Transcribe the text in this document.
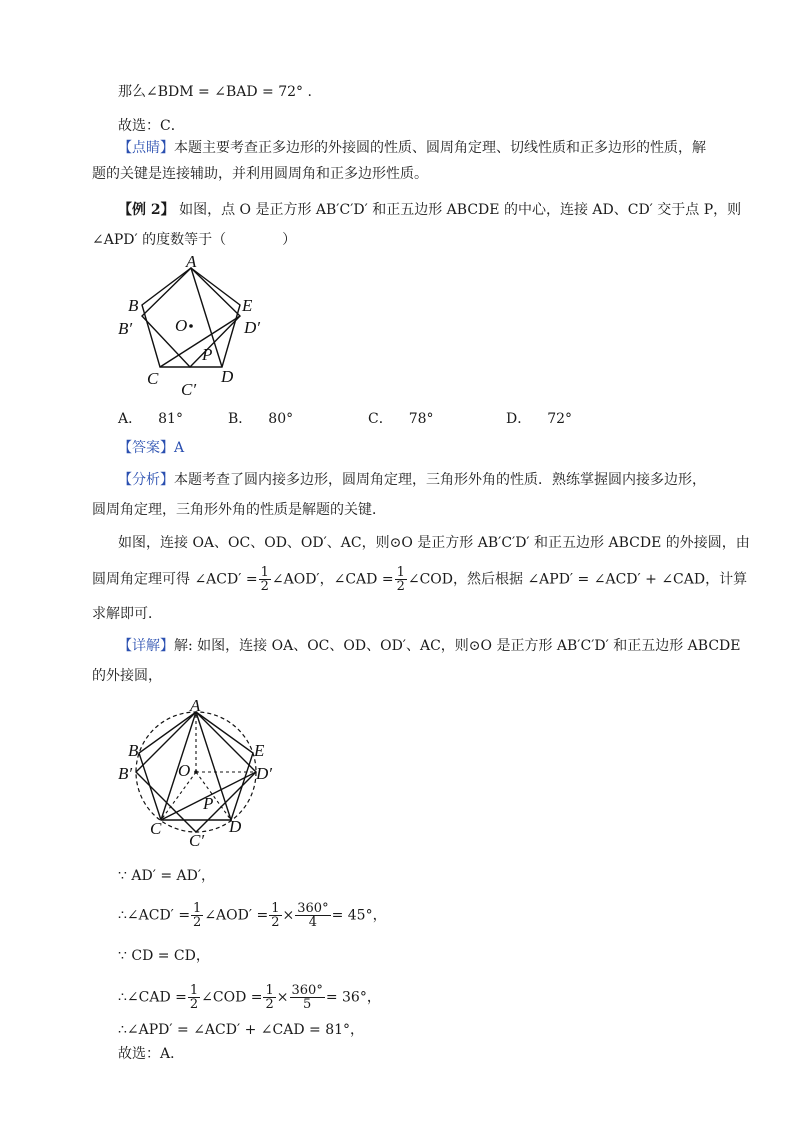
那么∠BDM = ∠BAD = 72° .
故选：C．
【点睛】本题主要考查正多边形的外接圆的性质、圆周角定理、切线性质和正多边形的性质，解
题的关键是连接辅助，并利用圆周角和正多边形性质。
【例 2】 如图，点 O 是正方形 AB′C′D′ 和正五边形 ABCDE 的中心，连接 AD、CD′ 交于点 P，则
∠APD′ 的度数等于（　　　　）
A
B
B′	O
E
D′
P
C
C′
D
A． 81°	B． 80°	C． 78°	D． 72°
【答案】A
【分析】本题考查了圆内接多边形，圆周角定理，三角形外角的性质．熟练掌握圆内接多边形，
圆周角定理，三角形外角的性质是解题的关键．
如图，连接 OA、OC、OD、OD′、AC，则⊙O 是正方形 AB′C′D′ 和正五边形 ABCDE 的外接圆，由
圆周角定理可得 ∠ACD′ = $\frac{1}{2}$ ∠AOD′，∠CAD = $\frac{1}{2}$ ∠COD，然后根据 ∠APD′ = ∠ACD′ + ∠CAD，计算
求解即可．
【详解】解: 如图，连接 OA、OC、OD、OD′、AC，则⊙O 是正方形 AB′C′D′ 和正五边形 ABCDE
的外接圆，
A
B
B′	O
E
D′
P
C
C′
D
∵ AD′ = AD′，
∴∠ACD′ = $\frac{1}{2}$ ∠AOD′ = $\frac{1}{2} \times \frac{360^\circ}{4} = 45^\circ$，
∵ CD = CD，
∴∠CAD = $\frac{1}{2}$ ∠COD = $\frac{1}{2} \times \frac{360^\circ}{5} = 36^\circ$，
∴∠APD′ = ∠ACD′ + ∠CAD = 81°，
故选：A．
